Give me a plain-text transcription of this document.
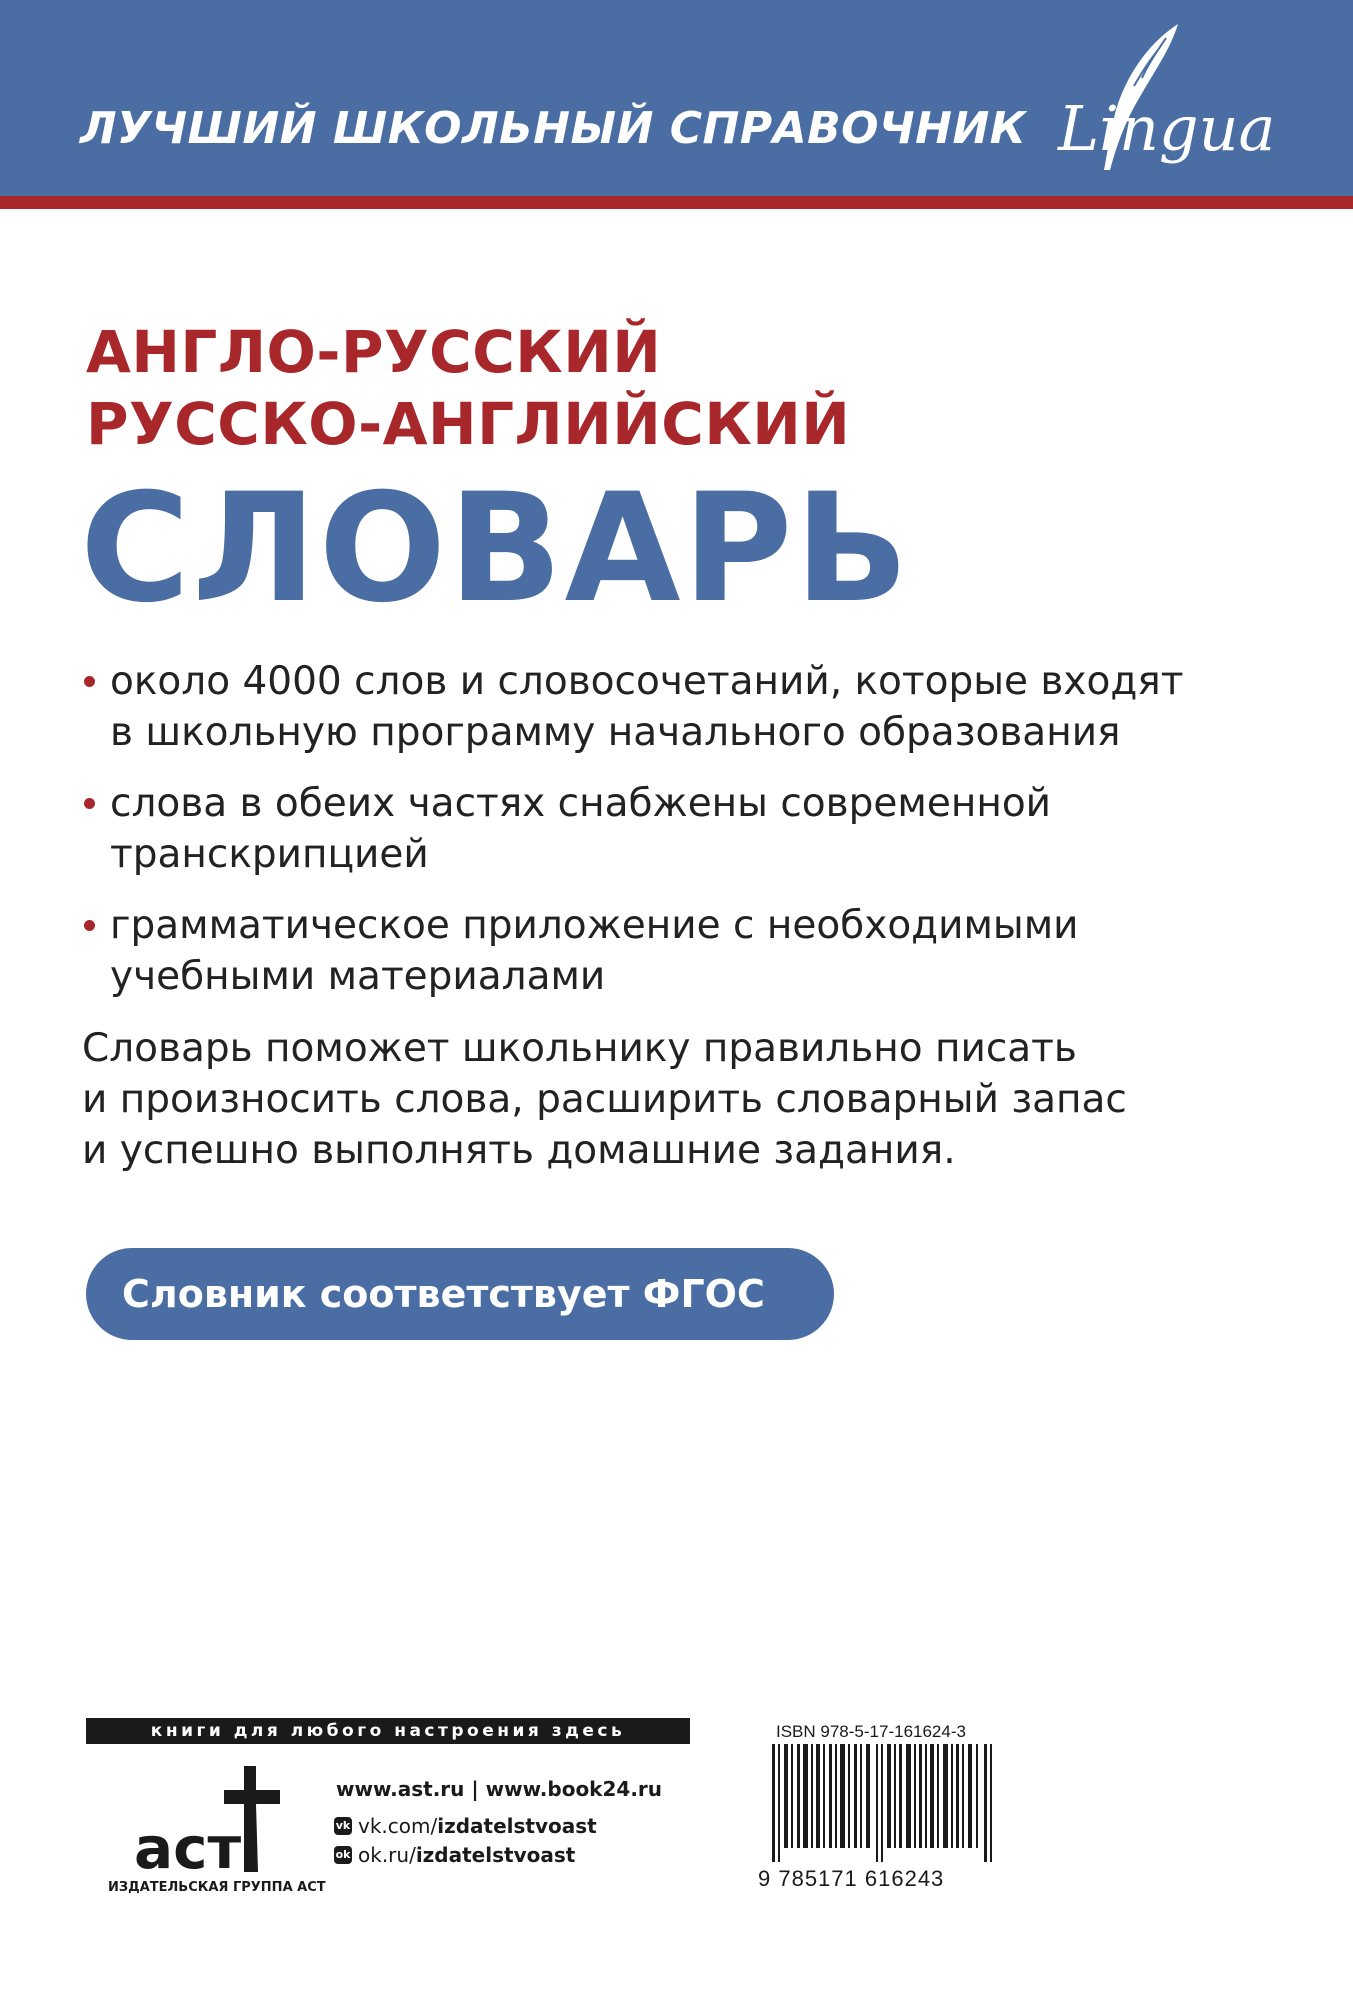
ЛУЧШИЙ ШКОЛЬНЫЙ СПРАВОЧНИК Lingua
АНГЛО-РУССКИЙ
РУССКО-АНГЛИЙСКИЙ
СЛОВАРЬ
около 4000 слов и словосочетаний, которые входят
в школьную программу начального образования
слова в обеих частях снабжены современной
транскрипцией
грамматическое приложение с необходимыми
учебными материалами
Словарь поможет школьнику правильно писать
и произносить слова, расширить словарный запас
и успешно выполнять домашние задания.
Словник соответствует ФГОС
книги для любого настроения здесь
аст
ИЗДАТЕЛЬСКАЯ ГРУППА АСТ
www.ast.ru | www.book24.ru
vk vk.com/ izdatelstvoast
ok ok.ru/ izdatelstvoast
ISBN 978-5-17-161624-3
9 785171 616243
